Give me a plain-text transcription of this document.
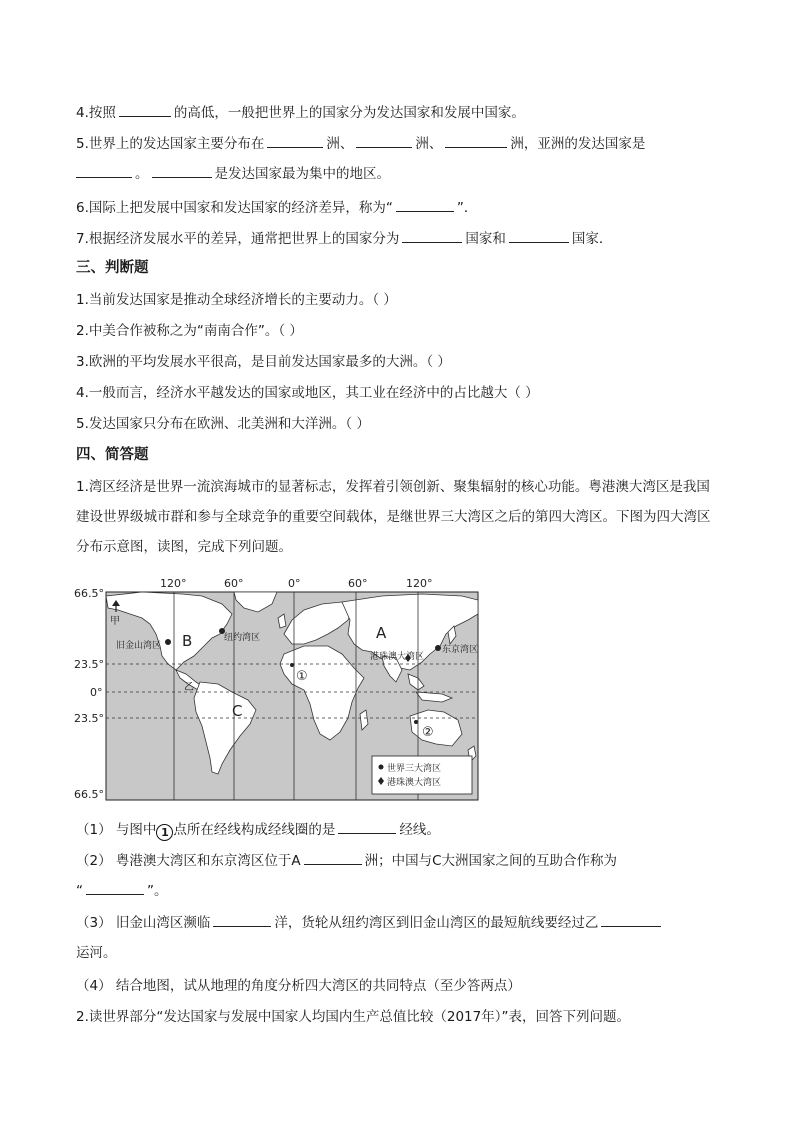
4.按照	的高低，一般把世界上的国家分为发达国家和发展中国家。
5.世界上的发达国家主要分布在	洲、	洲、	洲，亚洲的发达国家是
。	是发达国家最为集中的地区。
6.国际上把发展中国家和发达国家的经济差异，称为“	”．
7.根据经济发展水平的差异，通常把世界上的国家分为	国家和	国家．
三、判断题
1.当前发达国家是推动全球经济增长的主要动力。（ ）
2.中美合作被称之为“南南合作”。（ ）
3.欧洲的平均发展水平很高，是目前发达国家最多的大洲。（ ）
4.一般而言，经济水平越发达的国家或地区，其工业在经济中的占比越大（ ）
5.发达国家只分布在欧洲、北美洲和大洋洲。（ ）
四、简答题
1.湾区经济是世界一流滨海城市的显著标志，发挥着引领创新、聚集辐射的核心功能。粤港澳大湾区是我国建设世界级城市群和参与全球竞争的重要空间载体，是继世界三大湾区之后的第四大湾区。下图为四大湾区分布示意图，读图，完成下列问题。
120°	60°	0°	60°	120°
66.5°
23.5°
0°
23.5°
66.5°
B	A
C
甲
乙
①
②
旧金山湾区
纽约湾区
港珠澳大湾区
东京湾区
世界三大湾区
港珠澳大湾区
（1） 与图中 1 点所在经线构成经线圈的是	经线。
（2） 粤港澳大湾区和东京湾区位于A	洲；中国与C大洲国家之间的互助合作称为
“	”。
（3） 旧金山湾区濒临	洋，货轮从纽约湾区到旧金山湾区的最短航线要经过乙
运河。
（4） 结合地图，试从地理的角度分析四大湾区的共同特点（至少答两点）
2.读世界部分“发达国家与发展中国家人均国内生产总值比较（2017年）”表，回答下列问题。
